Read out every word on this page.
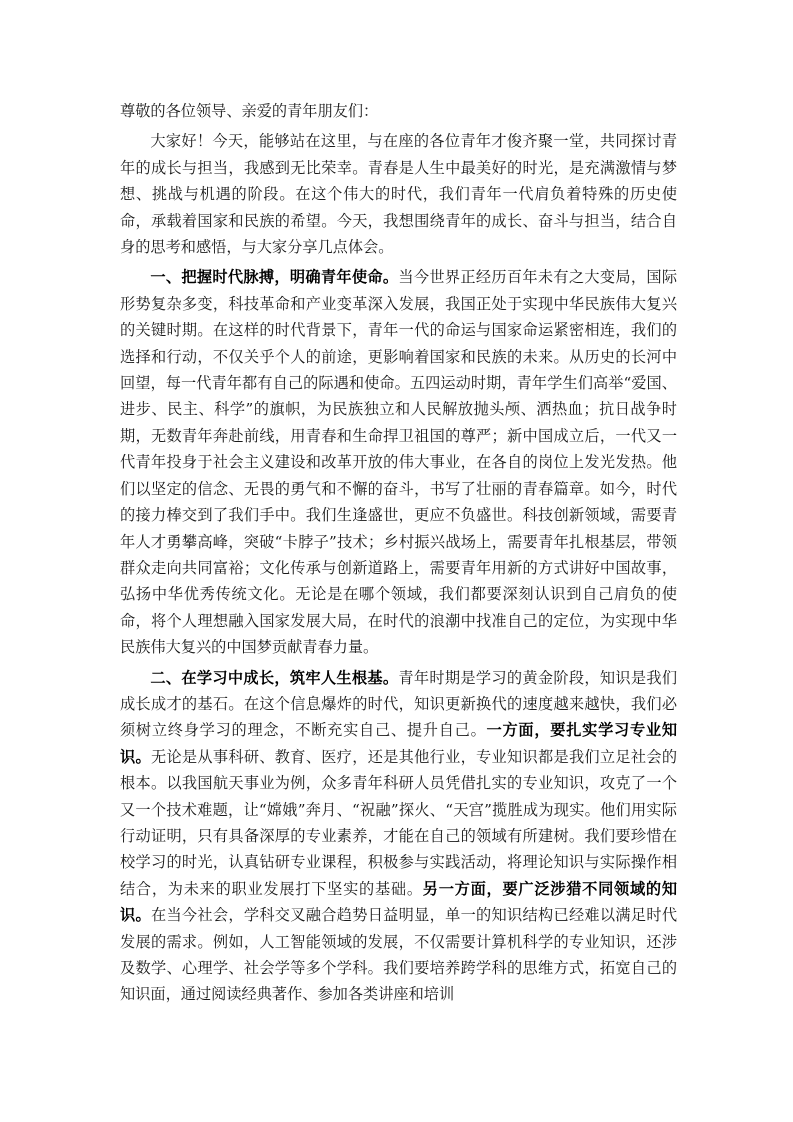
尊敬的各位领导、亲爱的青年朋友们：

大家好！今天，能够站在这里，与在座的各位青年才俊齐聚一堂，共同探讨青年的成长与担当，我感到无比荣幸。青春是人生中最美好的时光，是充满激情与梦想、挑战与机遇的阶段。在这个伟大的时代，我们青年一代肩负着特殊的历史使命，承载着国家和民族的希望。今天，我想围绕青年的成长、奋斗与担当，结合自身的思考和感悟，与大家分享几点体会。

一、把握时代脉搏，明确青年使命。当今世界正经历百年未有之大变局，国际形势复杂多变，科技革命和产业变革深入发展，我国正处于实现中华民族伟大复兴的关键时期。在这样的时代背景下，青年一代的命运与国家命运紧密相连，我们的选择和行动，不仅关乎个人的前途，更影响着国家和民族的未来。从历史的长河中回望，每一代青年都有自己的际遇和使命。五四运动时期，青年学生们高举“爱国、进步、民主、科学”的旗帜，为民族独立和人民解放抛头颅、洒热血；抗日战争时期，无数青年奔赴前线，用青春和生命捍卫祖国的尊严；新中国成立后，一代又一代青年投身于社会主义建设和改革开放的伟大事业，在各自的岗位上发光发热。他们以坚定的信念、无畏的勇气和不懈的奋斗，书写了壮丽的青春篇章。如今，时代的接力棒交到了我们手中。我们生逢盛世，更应不负盛世。科技创新领域，需要青年人才勇攀高峰，突破“卡脖子”技术；乡村振兴战场上，需要青年扎根基层，带领群众走向共同富裕；文化传承与创新道路上，需要青年用新的方式讲好中国故事，弘扬中华优秀传统文化。无论是在哪个领域，我们都要深刻认识到自己肩负的使命，将个人理想融入国家发展大局，在时代的浪潮中找准自己的定位，为实现中华民族伟大复兴的中国梦贡献青春力量。

二、在学习中成长，筑牢人生根基。青年时期是学习的黄金阶段，知识是我们成长成才的基石。在这个信息爆炸的时代，知识更新换代的速度越来越快，我们必须树立终身学习的理念，不断充实自己、提升自己。一方面，要扎实学习专业知识。无论是从事科研、教育、医疗，还是其他行业，专业知识都是我们立足社会的根本。以我国航天事业为例，众多青年科研人员凭借扎实的专业知识，攻克了一个又一个技术难题，让“嫦娥”奔月、“祝融”探火、“天宫”揽胜成为现实。他们用实际行动证明，只有具备深厚的专业素养，才能在自己的领域有所建树。我们要珍惜在校学习的时光，认真钻研专业课程，积极参与实践活动，将理论知识与实际操作相结合，为未来的职业发展打下坚实的基础。另一方面，要广泛涉猎不同领域的知识。在当今社会，学科交叉融合趋势日益明显，单一的知识结构已经难以满足时代发展的需求。例如，人工智能领域的发展，不仅需要计算机科学的专业知识，还涉及数学、心理学、社会学等多个学科。我们要培养跨学科的思维方式，拓宽自己的知识面，通过阅读经典著作、参加各类讲座和培训
